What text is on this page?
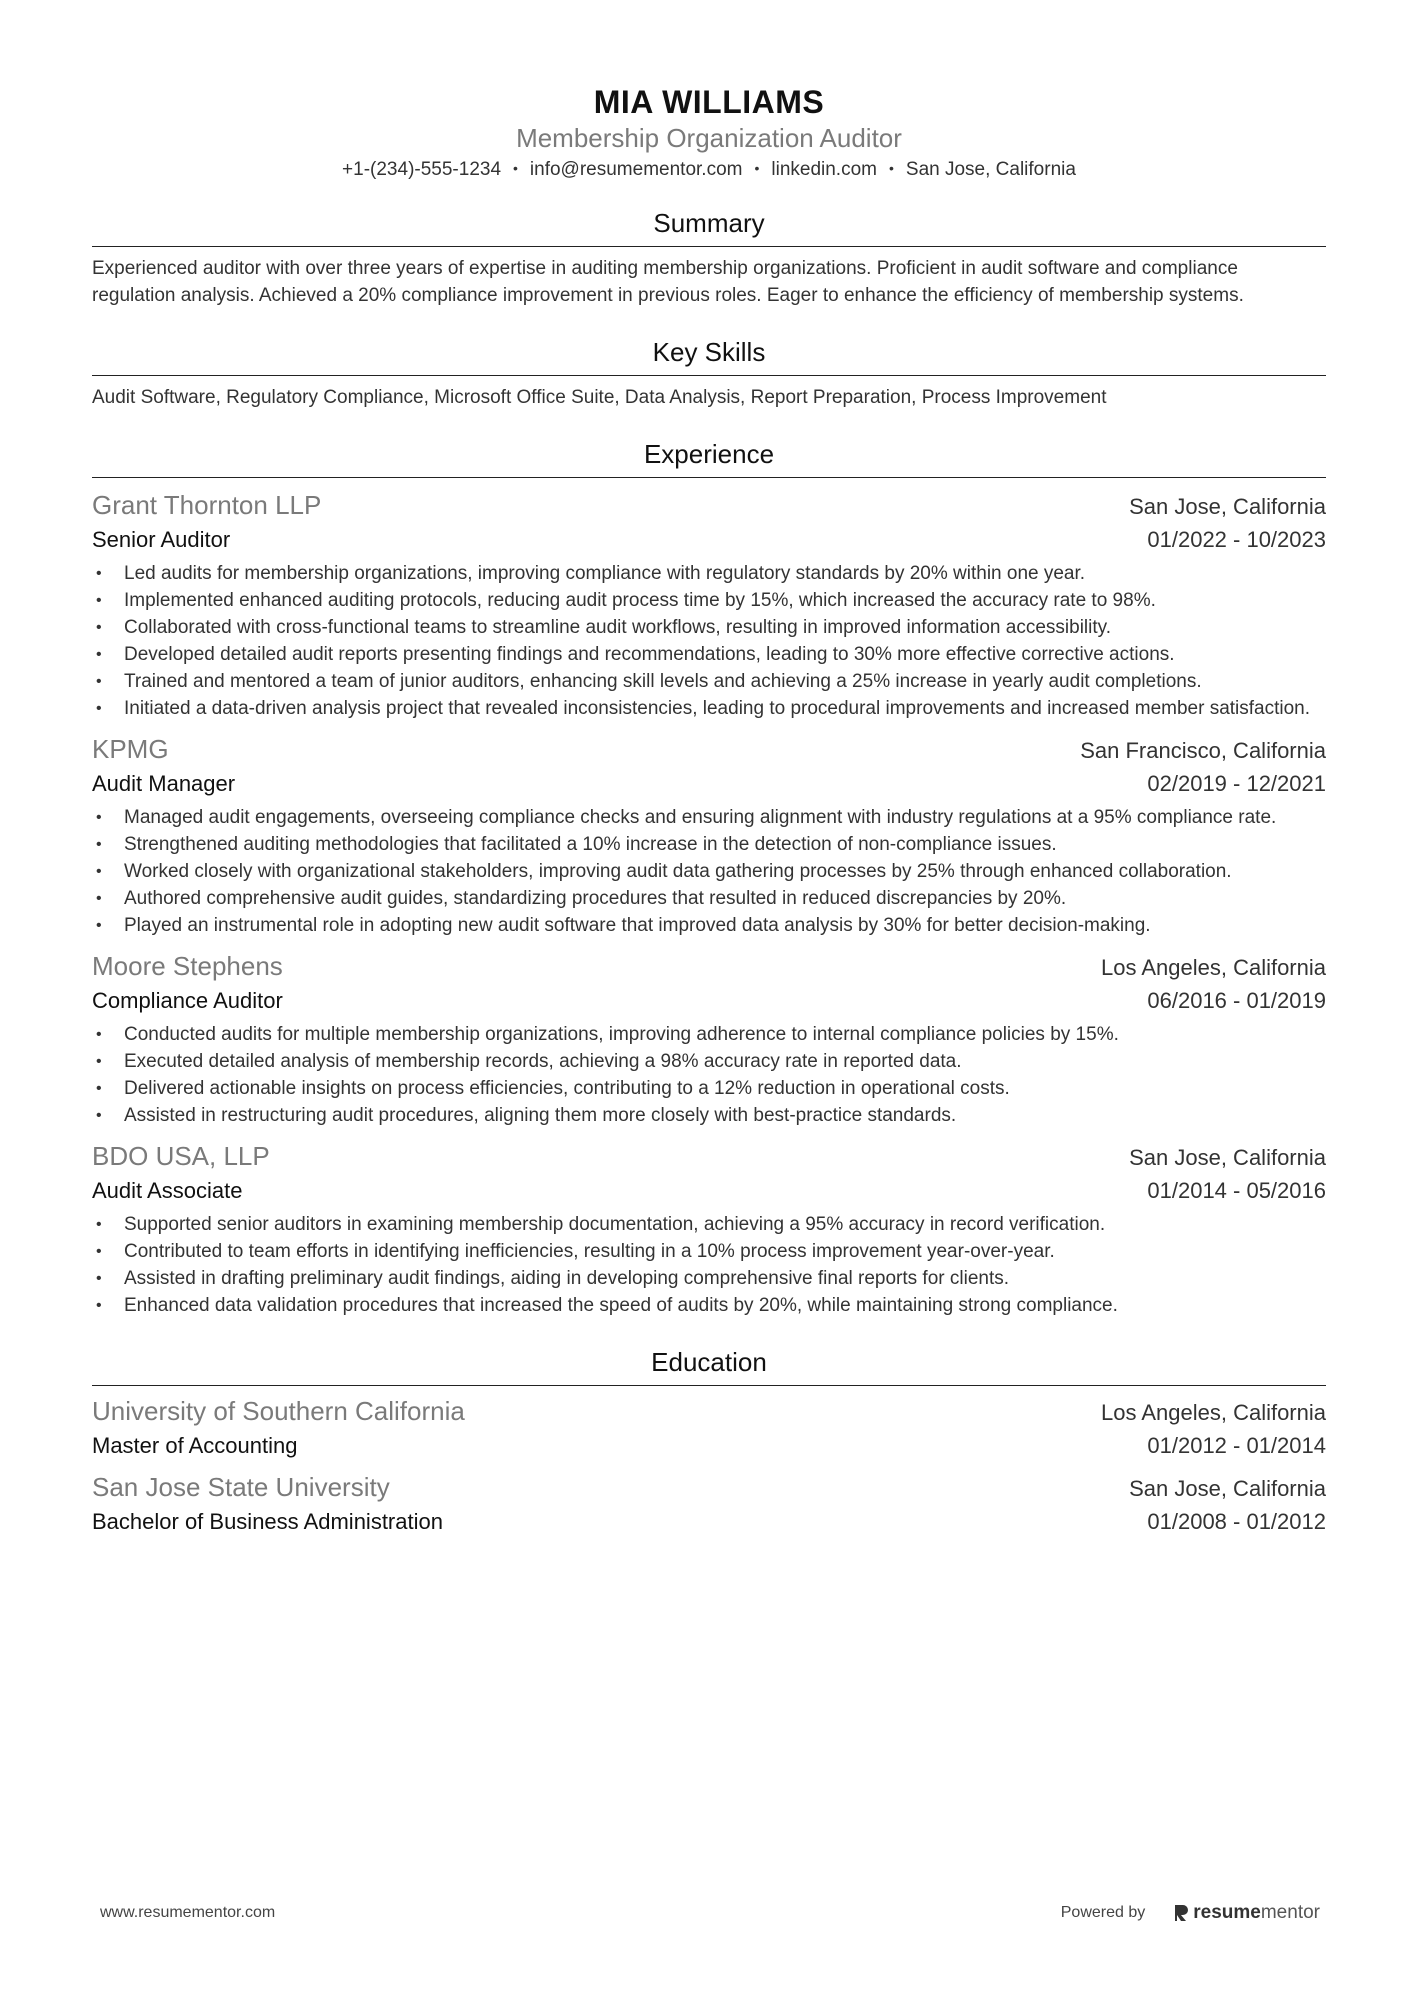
MIA WILLIAMS
Membership Organization Auditor
+1-(234)-555-1234 • info@resumementor.com • linkedin.com • San Jose, California
Summary
Experienced auditor with over three years of expertise in auditing membership organizations. Proficient in audit software and compliance regulation analysis. Achieved a 20% compliance improvement in previous roles. Eager to enhance the efficiency of membership systems.
Key Skills
Audit Software, Regulatory Compliance, Microsoft Office Suite, Data Analysis, Report Preparation, Process Improvement
Experience
Grant Thornton LLP	San Jose, California
Senior Auditor	01/2022 - 10/2023
• Led audits for membership organizations, improving compliance with regulatory standards by 20% within one year.
• Implemented enhanced auditing protocols, reducing audit process time by 15%, which increased the accuracy rate to 98%.
• Collaborated with cross-functional teams to streamline audit workflows, resulting in improved information accessibility.
• Developed detailed audit reports presenting findings and recommendations, leading to 30% more effective corrective actions.
• Trained and mentored a team of junior auditors, enhancing skill levels and achieving a 25% increase in yearly audit completions.
• Initiated a data-driven analysis project that revealed inconsistencies, leading to procedural improvements and increased member satisfaction.
KPMG	San Francisco, California
Audit Manager	02/2019 - 12/2021
• Managed audit engagements, overseeing compliance checks and ensuring alignment with industry regulations at a 95% compliance rate.
• Strengthened auditing methodologies that facilitated a 10% increase in the detection of non-compliance issues.
• Worked closely with organizational stakeholders, improving audit data gathering processes by 25% through enhanced collaboration.
• Authored comprehensive audit guides, standardizing procedures that resulted in reduced discrepancies by 20%.
• Played an instrumental role in adopting new audit software that improved data analysis by 30% for better decision-making.
Moore Stephens	Los Angeles, California
Compliance Auditor	06/2016 - 01/2019
• Conducted audits for multiple membership organizations, improving adherence to internal compliance policies by 15%.
• Executed detailed analysis of membership records, achieving a 98% accuracy rate in reported data.
• Delivered actionable insights on process efficiencies, contributing to a 12% reduction in operational costs.
• Assisted in restructuring audit procedures, aligning them more closely with best-practice standards.
BDO USA, LLP	San Jose, California
Audit Associate	01/2014 - 05/2016
• Supported senior auditors in examining membership documentation, achieving a 95% accuracy in record verification.
• Contributed to team efforts in identifying inefficiencies, resulting in a 10% process improvement year-over-year.
• Assisted in drafting preliminary audit findings, aiding in developing comprehensive final reports for clients.
• Enhanced data validation procedures that increased the speed of audits by 20%, while maintaining strong compliance.
Education
University of Southern California	Los Angeles, California
Master of Accounting	01/2012 - 01/2014
San Jose State University	San Jose, California
Bachelor of Business Administration	01/2008 - 01/2012
www.resumementor.com	Powered by	resume mentor
